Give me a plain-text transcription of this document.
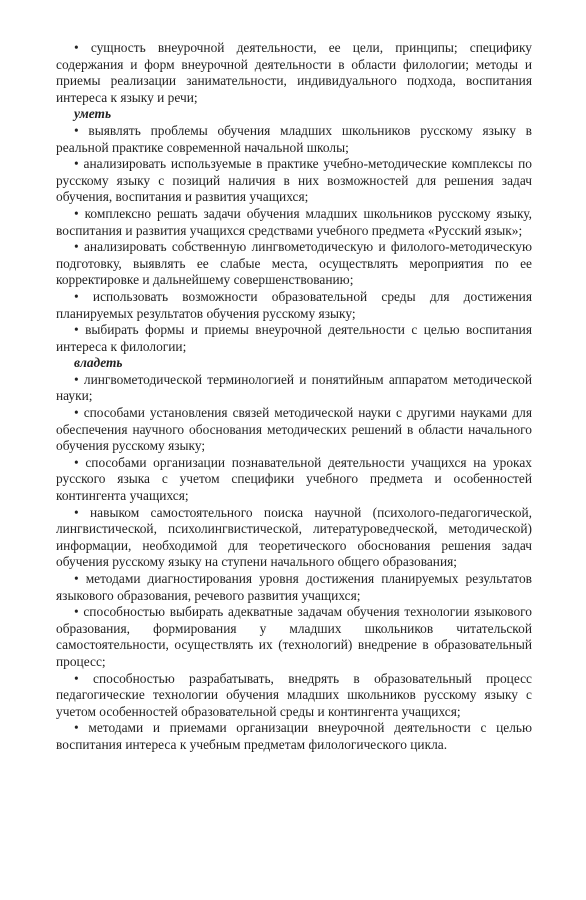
• сущность внеурочной деятельности, ее цели, принципы; специфику содержания и форм внеурочной деятельности в области филологии; методы и приемы реализации занимательности, индивидуального подхода, воспитания интереса к языку и речи;

уметь

• выявлять проблемы обучения младших школьников русскому языку в реальной практике современной начальной школы;

• анализировать используемые в практике учебно-методические комплексы по русскому языку с позиций наличия в них возможностей для решения задач обучения, воспитания и развития учащихся;

• комплексно решать задачи обучения младших школьников русскому языку, воспитания и развития учащихся средствами учебного предмета «Русский язык»;

• анализировать собственную лингвометодическую и филолого-методическую подготовку, выявлять ее слабые места, осуществлять мероприятия по ее корректировке и дальнейшему совершенствованию;

• использовать возможности образовательной среды для достижения планируемых результатов обучения русскому языку;

• выбирать формы и приемы внеурочной деятельности с целью воспитания интереса к филологии;

владеть

• лингвометодической терминологией и понятийным аппаратом методической науки;

• способами установления связей методической науки с другими науками для обеспечения научного обоснования методических решений в области начального обучения русскому языку;

• способами организации познавательной деятельности учащихся на уроках русского языка с учетом специфики учебного предмета и особенностей контингента учащихся;

• навыком самостоятельного поиска научной (психолого-педагогической, лингвистической, психолингвистической, литературоведческой, методической) информации, необходимой для теоретического обоснования решения задач обучения русскому языку на ступени начального общего образования;

• методами диагностирования уровня достижения планируемых результатов языкового образования, речевого развития учащихся;

• способностью выбирать адекватные задачам обучения технологии языкового образования, формирования у младших школьников читательской самостоятельности, осуществлять их (технологий) внедрение в образовательный процесс;

• способностью разрабатывать, внедрять в образовательный процесс педагогические технологии обучения младших школьников русскому языку с учетом особенностей образовательной среды и контингента учащихся;

• методами и приемами организации внеурочной деятельности с целью воспитания интереса к учебным предметам филологического цикла.
